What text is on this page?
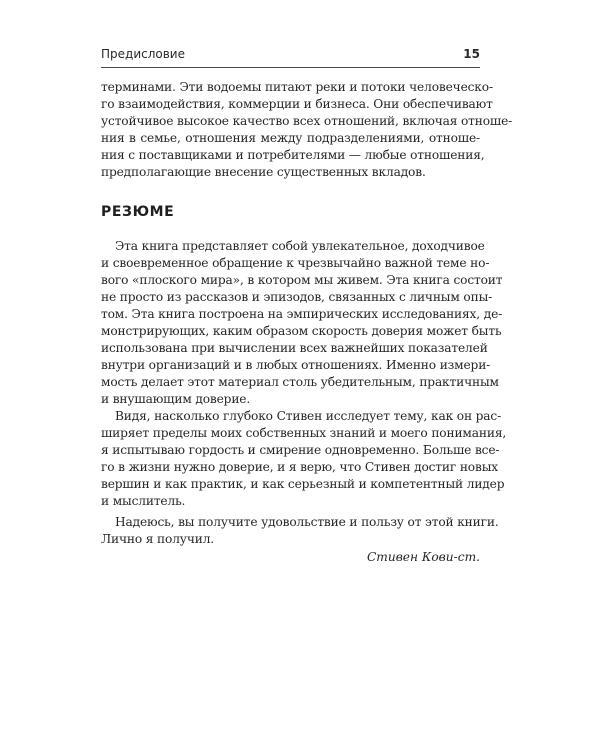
Предисловие	15
терминами. Эти водоемы питают реки и потоки человеческо-
го взаимодействия, коммерции и бизнеса. Они обеспечивают
устойчивое высокое качество всех отношений, включая отноше-
ния в семье, отношения между подразделениями, отноше-
ния с поставщиками и потребителями — любые отношения,
предполагающие внесение существенных вкладов.
РЕЗЮМЕ
Эта книга представляет собой увлекательное, доходчивое
и своевременное обращение к чрезвычайно важной теме но-
вого «плоского мира», в котором мы живем. Эта книга состоит
не просто из рассказов и эпизодов, связанных с личным опы-
том. Эта книга построена на эмпирических исследованиях, де-
монстрирующих, каким образом скорость доверия может быть
использована при вычислении всех важнейших показателей
внутри организаций и в любых отношениях. Именно измери-
мость делает этот материал столь убедительным, практичным
и внушающим доверие.
Видя, насколько глубоко Стивен исследует тему, как он рас-
ширяет пределы моих собственных знаний и моего понимания,
я испытываю гордость и смирение одновременно. Больше все-
го в жизни нужно доверие, и я верю, что Стивен достиг новых
вершин и как практик, и как серьезный и компетентный лидер
и мыслитель.
Надеюсь, вы получите удовольствие и пользу от этой книги.
Лично я получил.
Стивен Кови-ст.
